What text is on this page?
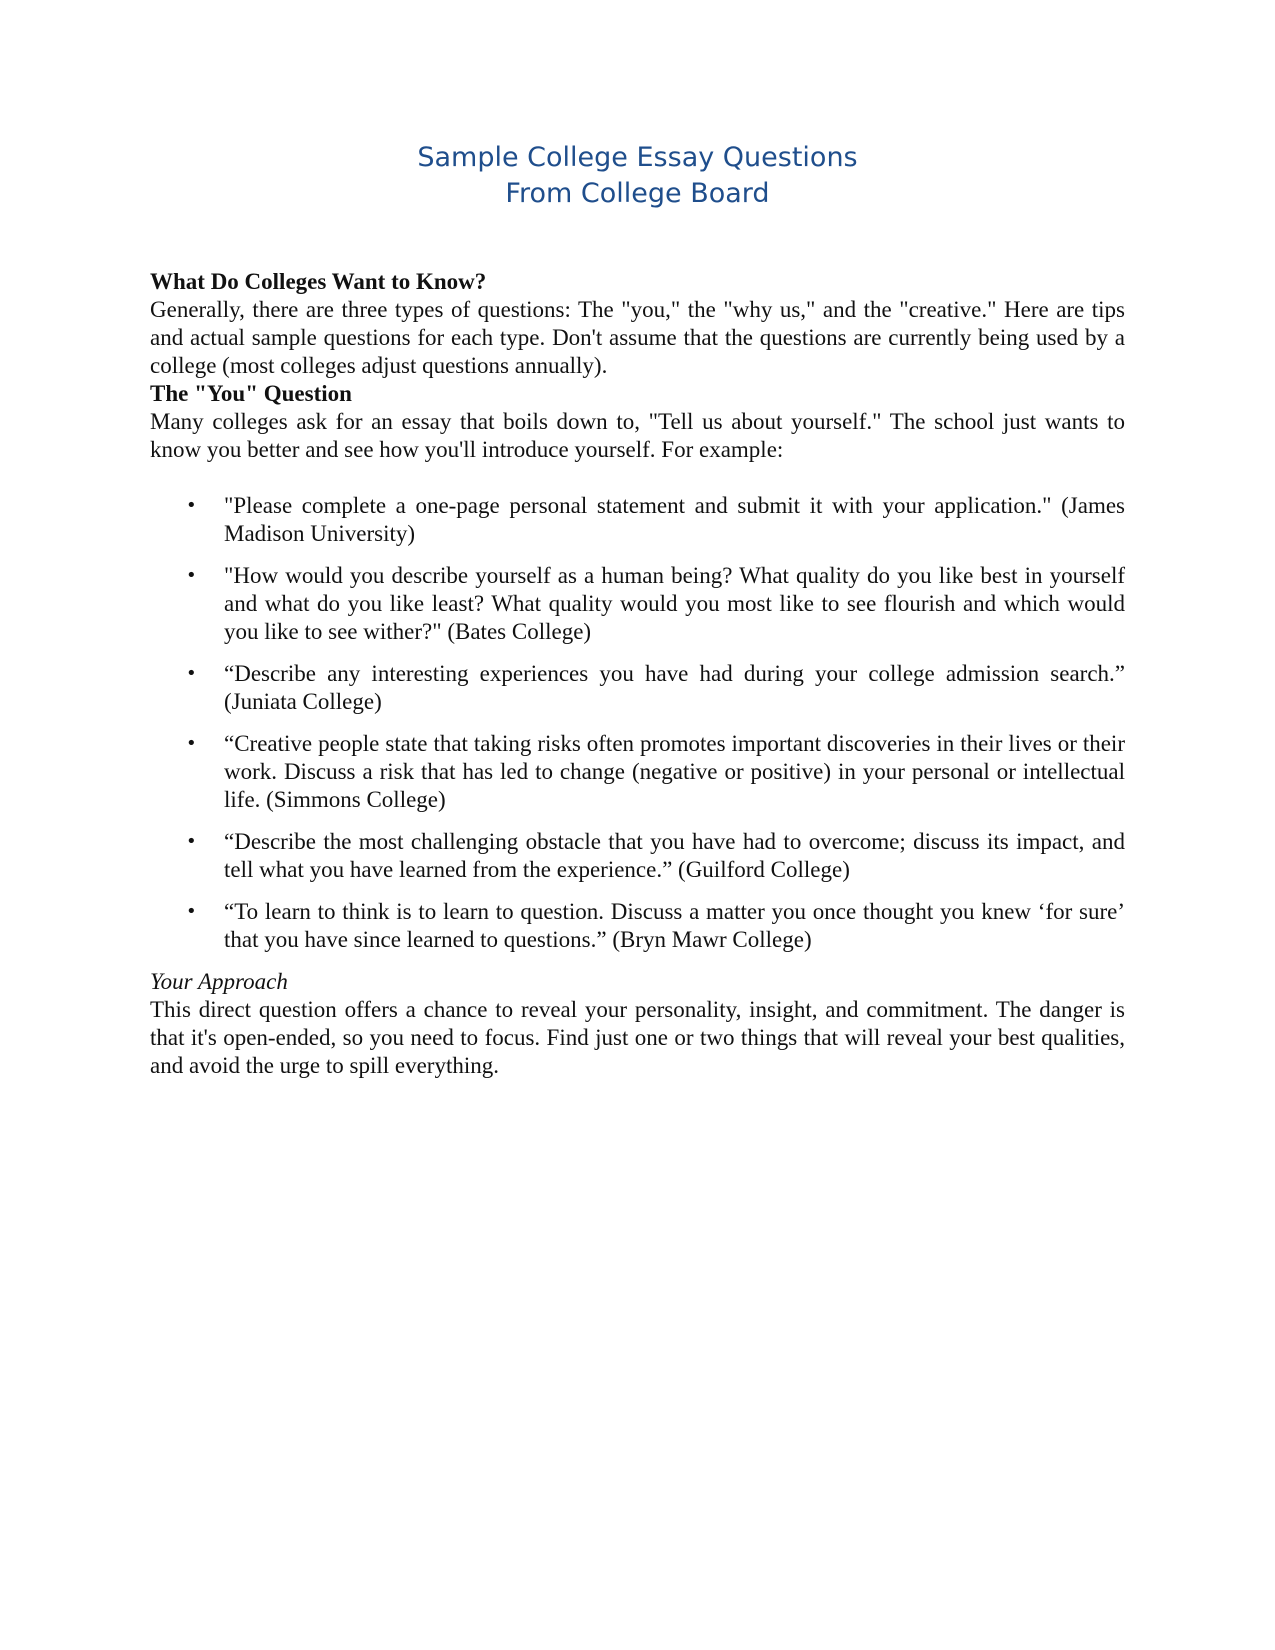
Sample College Essay Questions
From College Board

What Do Colleges Want to Know?

Generally, there are three types of questions: The "you," the "why us," and the "creative." Here are tips and actual sample questions for each type. Don't assume that the questions are currently being used by a college (most colleges adjust questions annually).

The "You" Question

Many colleges ask for an essay that boils down to, "Tell us about yourself." The school just wants to know you better and see how you'll introduce yourself. For example:

• "Please complete a one-page personal statement and submit it with your application." (James Madison University)
• "How would you describe yourself as a human being? What quality do you like best in yourself and what do you like least? What quality would you most like to see flourish and which would you like to see wither?" (Bates College)
• “Describe any interesting experiences you have had during your college admission search.” (Juniata College)
• “Creative people state that taking risks often promotes important discoveries in their lives or their work. Discuss a risk that has led to change (negative or positive) in your personal or intellectual life. (Simmons College)
• “Describe the most challenging obstacle that you have had to overcome; discuss its impact, and tell what you have learned from the experience.” (Guilford College)
• “To learn to think is to learn to question. Discuss a matter you once thought you knew ‘for sure’ that you have since learned to questions.” (Bryn Mawr College)

Your Approach

This direct question offers a chance to reveal your personality, insight, and commitment. The danger is that it's open-ended, so you need to focus. Find just one or two things that will reveal your best qualities, and avoid the urge to spill everything.
